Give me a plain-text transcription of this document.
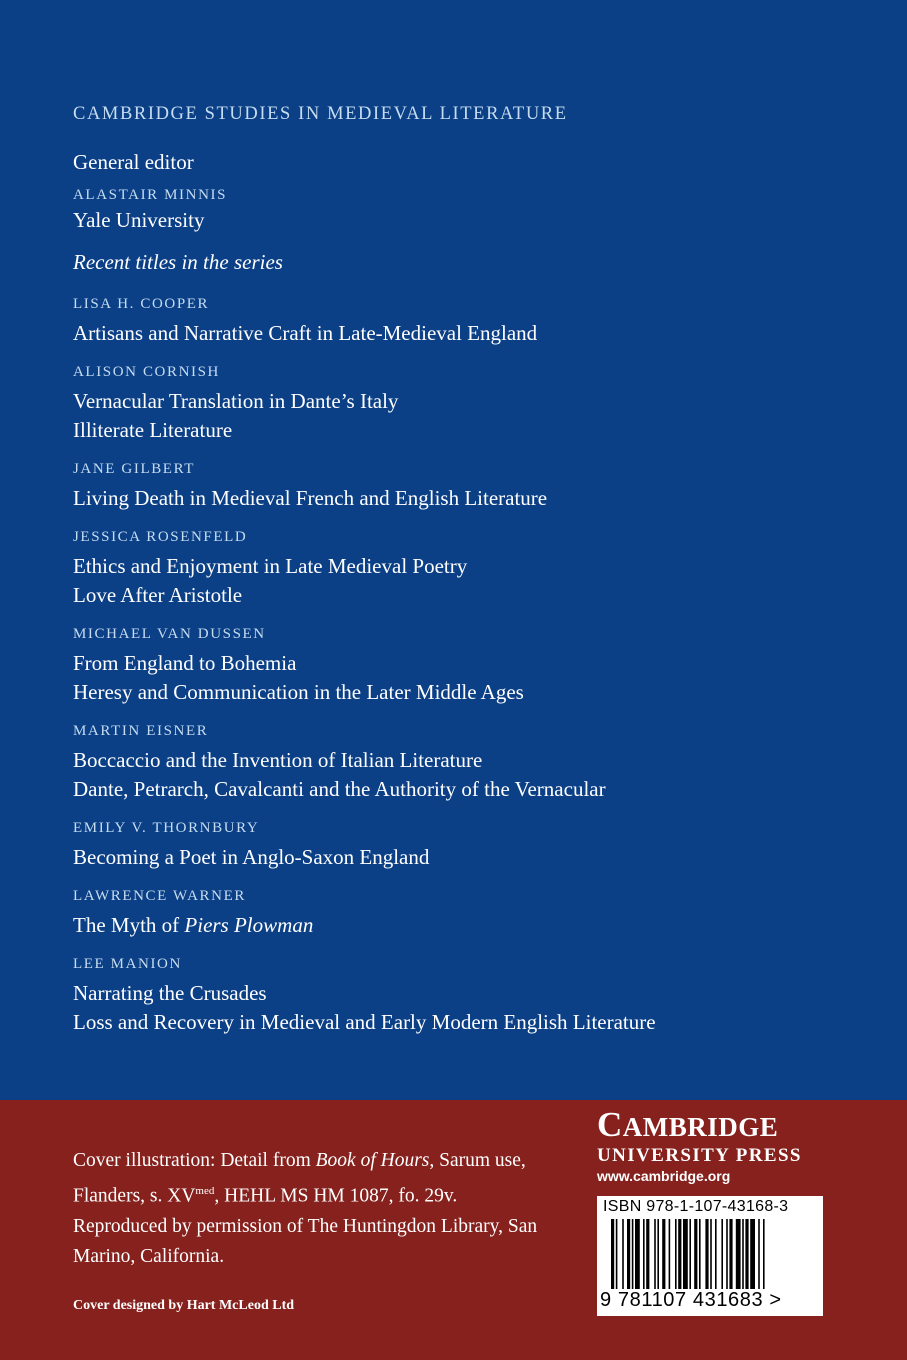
CAMBRIDGE STUDIES IN MEDIEVAL LITERATURE
General editor
ALASTAIR MINNIS
Yale University
Recent titles in the series
LISA H. COOPER
Artisans and Narrative Craft in Late-Medieval England
ALISON CORNISH
Vernacular Translation in Dante’s Italy
Illiterate Literature
JANE GILBERT
Living Death in Medieval French and English Literature
JESSICA ROSENFELD
Ethics and Enjoyment in Late Medieval Poetry
Love After Aristotle
MICHAEL VAN DUSSEN
From England to Bohemia
Heresy and Communication in the Later Middle Ages
MARTIN EISNER
Boccaccio and the Invention of Italian Literature
Dante, Petrarch, Cavalcanti and the Authority of the Vernacular
EMILY V. THORNBURY
Becoming a Poet in Anglo-Saxon England
LAWRENCE WARNER
The Myth of Piers Plowman
LEE MANION
Narrating the Crusades
Loss and Recovery in Medieval and Early Modern English Literature
Cover illustration: Detail from Book of Hours, Sarum use, Flanders, s. $XV^{med}$, HEHL MS HM 1087, fo. 29v. Reproduced by permission of The Huntingdon Library, San Marino, California.
Cover designed by Hart McLeod Ltd
CAMBRIDGE
UNIVERSITY PRESS
www.cambridge.org
ISBN 978-1-107-43168-3
9 781107 431683 >
